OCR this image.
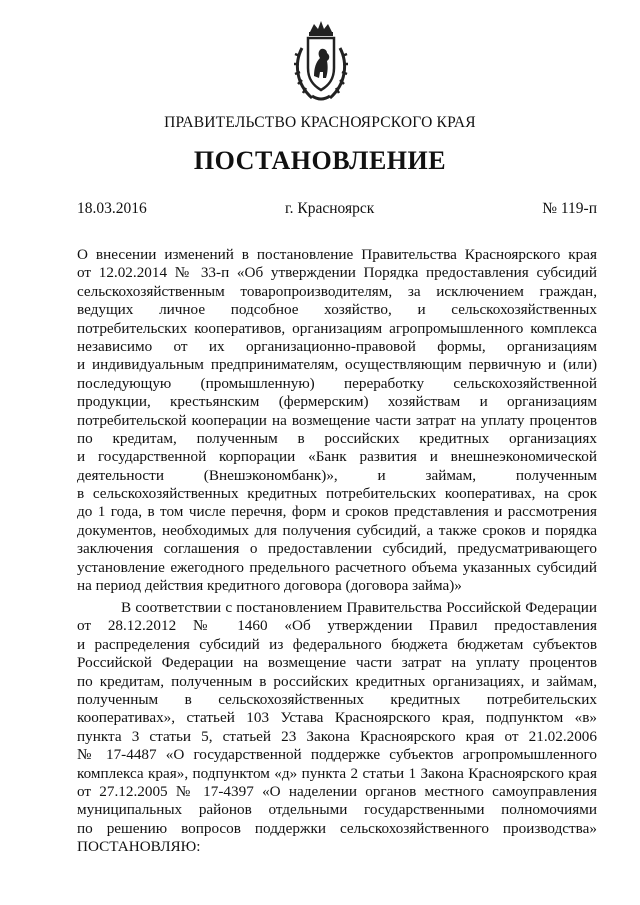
ПРАВИТЕЛЬСТВО КРАСНОЯРСКОГО КРАЯ
ПОСТАНОВЛЕНИЕ
18.03.2016	г. Красноярск	№ 119-п
О внесении изменений в постановление Правительства Красноярского края
от 12.02.2014 № 33-п «Об утверждении Порядка предоставления субсидий
сельскохозяйственным товаропроизводителям, за исключением граждан,
ведущих личное подсобное хозяйство, и сельскохозяйственных
потребительских кооперативов, организациям агропромышленного комплекса
независимо от их организационно-правовой формы, организациям
и индивидуальным предпринимателям, осуществляющим первичную и (или)
последующую (промышленную) переработку сельскохозяйственной
продукции, крестьянским (фермерским) хозяйствам и организациям
потребительской кооперации на возмещение части затрат на уплату процентов
по кредитам, полученным в российских кредитных организациях
и государственной корпорации «Банк развития и внешнеэкономической
деятельности (Внешэкономбанк)», и займам, полученным
в сельскохозяйственных кредитных потребительских кооперативах, на срок
до 1 года, в том числе перечня, форм и сроков представления и рассмотрения
документов, необходимых для получения субсидий, а также сроков и порядка
заключения соглашения о предоставлении субсидий, предусматривающего
установление ежегодного предельного расчетного объема указанных субсидий
на период действия кредитного договора (договора займа)»
В соответствии с постановлением Правительства Российской Федерации
от 28.12.2012 № 1460 «Об утверждении Правил предоставления
и распределения субсидий из федерального бюджета бюджетам субъектов
Российской Федерации на возмещение части затрат на уплату процентов
по кредитам, полученным в российских кредитных организациях, и займам,
полученным в сельскохозяйственных кредитных потребительских
кооперативах», статьей 103 Устава Красноярского края, подпунктом «в»
пункта 3 статьи 5, статьей 23 Закона Красноярского края от 21.02.2006
№ 17-4487 «О государственной поддержке субъектов агропромышленного
комплекса края», подпунктом «д» пункта 2 статьи 1 Закона Красноярского края
от 27.12.2005 № 17-4397 «О наделении органов местного самоуправления
муниципальных районов отдельными государственными полномочиями
по решению вопросов поддержки сельскохозяйственного производства»
ПОСТАНОВЛЯЮ:
